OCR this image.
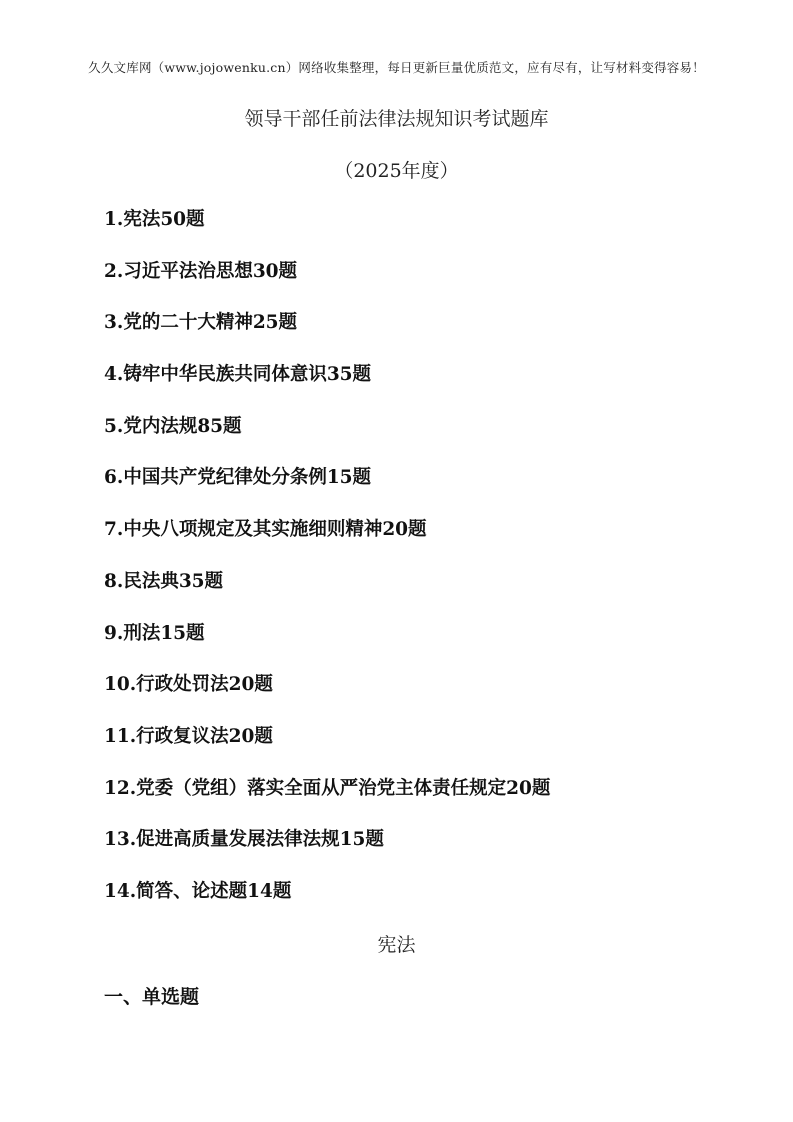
久久文库网（www.jojowenku.cn）网络收集整理，每日更新巨量优质范文，应有尽有，让写材料变得容易！
领导干部任前法律法规知识考试题库
（2025年度）
1.宪法50题
2.习近平法治思想30题
3.党的二十大精神25题
4.铸牢中华民族共同体意识35题
5.党内法规85题
6.中国共产党纪律处分条例15题
7.中央八项规定及其实施细则精神20题
8.民法典35题
9.刑法15题
10.行政处罚法20题
11.行政复议法20题
12.党委（党组）落实全面从严治党主体责任规定20题
13.促进高质量发展法律法规15题
14.简答、论述题14题
宪法
一、单选题
